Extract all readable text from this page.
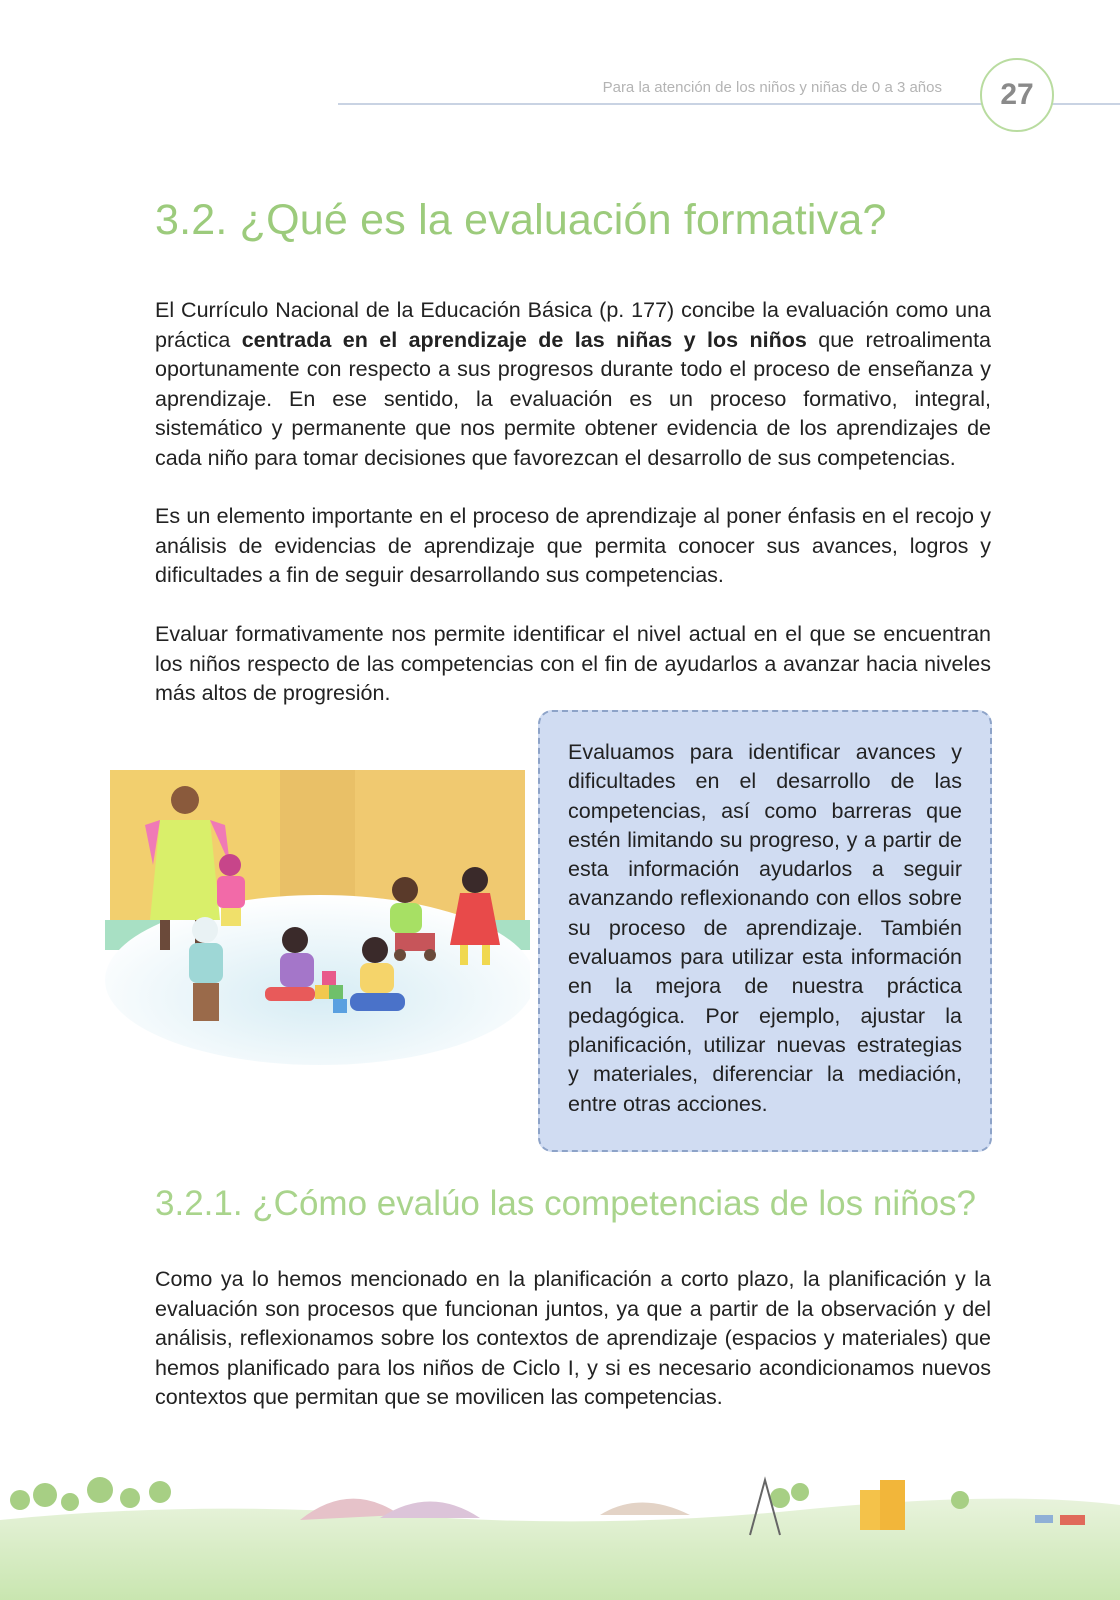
Para la atención de los niños y niñas de 0 a 3 años	27
3.2. ¿Qué es la evaluación formativa?

El Currículo Nacional de la Educación Básica (p. 177) concibe la evaluación como una práctica centrada en el aprendizaje de las niñas y los niños que retroalimenta oportunamente con respecto a sus progresos durante todo el proceso de enseñanza y aprendizaje. En ese sentido, la evaluación es un proceso formativo, integral, sistemático y permanente que nos permite obtener evidencia de los aprendizajes de cada niño para tomar decisiones que favorezcan el desarrollo de sus competencias.

Es un elemento importante en el proceso de aprendizaje al poner énfasis en el recojo y análisis de evidencias de aprendizaje que permita conocer sus avances, logros y dificultades a fin de seguir desarrollando sus competencias.

Evaluar formativamente nos permite identificar el nivel actual en el que se encuentran los niños respecto de las competencias con el fin de ayudarlos a avanzar hacia niveles más altos de progresión.

Evaluamos para identificar avances y dificultades en el desarrollo de las competencias, así como barreras que estén limitando su progreso, y a partir de esta información ayudarlos a seguir avanzando reflexionando con ellos sobre su proceso de aprendizaje. También evaluamos para utilizar esta información en la mejora de nuestra práctica pedagógica. Por ejemplo, ajustar la planificación, utilizar nuevas estrategias y materiales, diferenciar la mediación, entre otras acciones.

3.2.1. ¿Cómo evalúo las competencias de los niños?

Como ya lo hemos mencionado en la planificación a corto plazo, la planificación y la evaluación son procesos que funcionan juntos, ya que a partir de la observación y del análisis, reflexionamos sobre los contextos de aprendizaje (espacios y materiales) que hemos planificado para los niños de Ciclo I, y si es necesario acondicionamos nuevos contextos que permitan que se movilicen las competencias.
